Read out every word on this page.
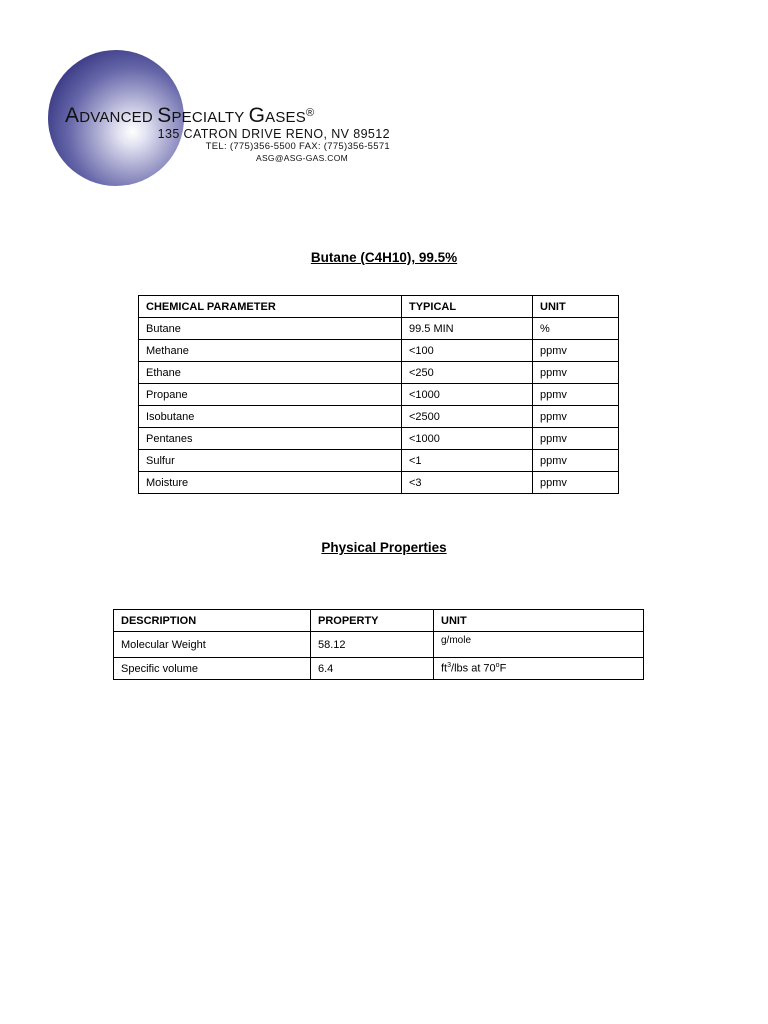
ADVANCED SPECIALTY GASES®
135 CATRON DRIVE RENO, NV 89512
TEL: (775)356-5500 FAX: (775)356-5571
ASG@ASG-GAS.COM
Butane (C4H10), 99.5%
CHEMICAL PARAMETER	TYPICAL	UNIT
Butane	99.5 MIN	%
Methane	<100	ppmv
Ethane	<250	ppmv
Propane	<1000	ppmv
Isobutane	<2500	ppmv
Pentanes	<1000	ppmv
Sulfur	<1	ppmv
Moisture	<3	ppmv
Physical Properties
DESCRIPTION	PROPERTY	UNIT
Molecular Weight	58.12	g/mole
Specific volume	6.4	$ft^3$/lbs at 70$^o$F
